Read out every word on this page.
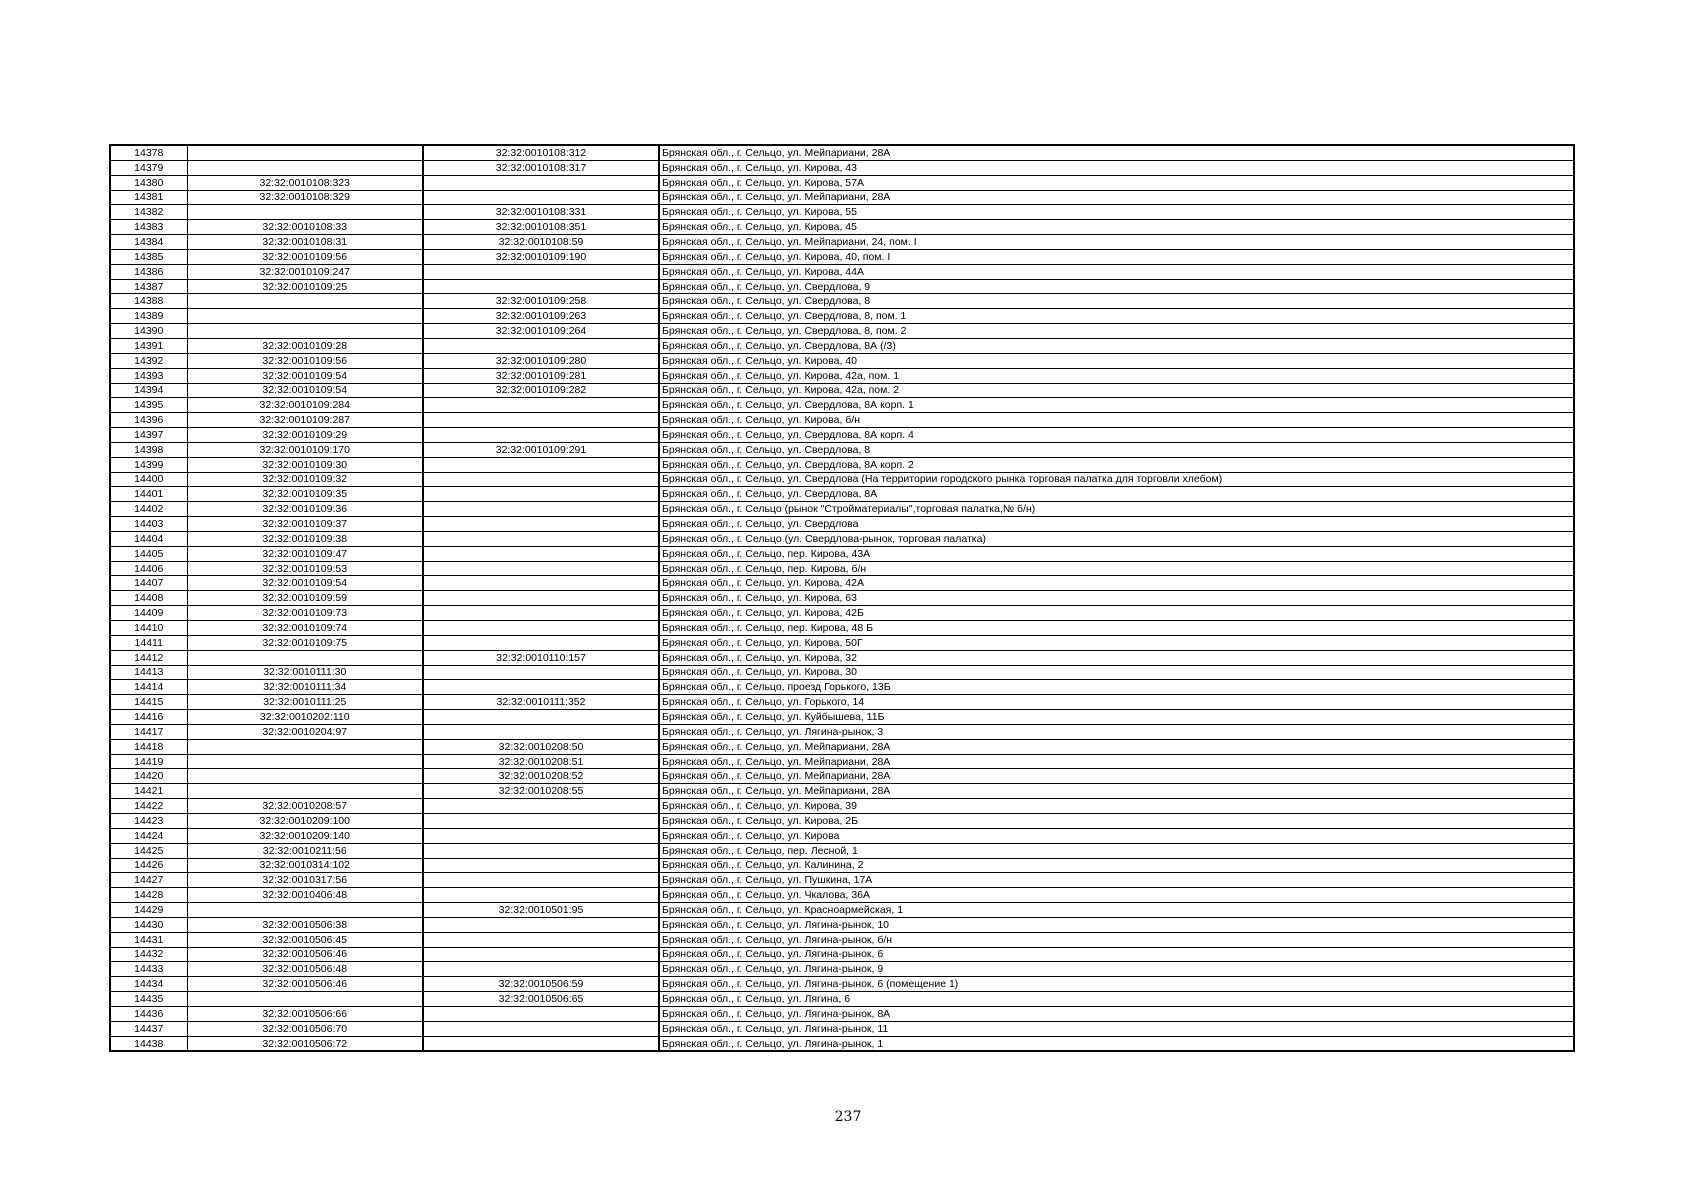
14378		32:32:0010108:312	Брянская обл., г. Сельцо, ул. Мейпариани, 28А
14379		32:32:0010108:317	Брянская обл., г. Сельцо, ул. Кирова, 43
14380	32:32:0010108:323		Брянская обл., г. Сельцо, ул. Кирова, 57А
14381	32:32:0010108:329		Брянская обл., г. Сельцо, ул. Мейпариани, 28А
14382		32:32:0010108:331	Брянская обл., г. Сельцо, ул. Кирова, 55
14383	32:32:0010108:33	32:32:0010108:351	Брянская обл., г. Сельцо, ул. Кирова, 45
14384	32:32:0010108:31	32:32:0010108:59	Брянская обл., г. Сельцо, ул. Мейпариани, 24, пом. I
14385	32:32:0010109:56	32:32:0010109:190	Брянская обл., г. Сельцо, ул. Кирова, 40, пом. I
14386	32:32:0010109:247		Брянская обл., г. Сельцо, ул. Кирова, 44А
14387	32:32:0010109:25		Брянская обл., г. Сельцо, ул. Свердлова, 9
14388		32:32:0010109:258	Брянская обл., г. Сельцо, ул. Свердлова, 8
14389		32:32:0010109:263	Брянская обл., г. Сельцо, ул. Свердлова, 8, пом. 1
14390		32:32:0010109:264	Брянская обл., г. Сельцо, ул. Свердлова, 8, пом. 2
14391	32:32:0010109:28		Брянская обл., г. Сельцо, ул. Свердлова, 8А (/3)
14392	32:32:0010109:56	32:32:0010109:280	Брянская обл., г. Сельцо, ул. Кирова, 40
14393	32:32:0010109:54	32:32:0010109:281	Брянская обл., г. Сельцо, ул. Кирова, 42а, пом. 1
14394	32:32:0010109:54	32:32:0010109:282	Брянская обл., г. Сельцо, ул. Кирова, 42а, пом. 2
14395	32:32:0010109:284		Брянская обл., г. Сельцо, ул. Свердлова, 8А корп. 1
14396	32:32:0010109:287		Брянская обл., г. Сельцо, ул. Кирова, б/н
14397	32:32:0010109:29		Брянская обл., г. Сельцо, ул. Свердлова, 8А корп. 4
14398	32:32:0010109:170	32:32:0010109:291	Брянская обл., г. Сельцо, ул. Свердлова, 8
14399	32:32:0010109:30		Брянская обл., г. Сельцо, ул. Свердлова, 8А корп. 2
14400	32:32:0010109:32		Брянская обл., г. Сельцо, ул. Свердлова (На территории городского рынка торговая палатка для торговли хлебом)
14401	32:32:0010109:35		Брянская обл., г. Сельцо, ул. Свердлова, 8А
14402	32:32:0010109:36		Брянская обл., г. Сельцо (рынок "Стройматериалы",торговая палатка,№ б/н)
14403	32:32:0010109:37		Брянская обл., г. Сельцо, ул. Свердлова
14404	32:32:0010109:38		Брянская обл., г. Сельцо (ул. Свердлова-рынок, торговая палатка)
14405	32:32:0010109:47		Брянская обл., г. Сельцо, пер. Кирова, 43А
14406	32:32:0010109:53		Брянская обл., г. Сельцо, пер. Кирова, б/н
14407	32:32:0010109:54		Брянская обл., г. Сельцо, ул. Кирова, 42А
14408	32:32:0010109:59		Брянская обл., г. Сельцо, ул. Кирова, 63
14409	32:32:0010109:73		Брянская обл., г. Сельцо, ул. Кирова, 42Б
14410	32:32:0010109:74		Брянская обл., г. Сельцо, пер. Кирова, 48 Б
14411	32:32:0010109:75		Брянская обл., г. Сельцо, ул. Кирова, 50Г
14412		32:32:0010110:157	Брянская обл., г. Сельцо, ул. Кирова, 32
14413	32:32:0010111:30		Брянская обл., г. Сельцо, ул. Кирова, 30
14414	32:32:0010111:34		Брянская обл., г. Сельцо, проезд Горького, 13Б
14415	32:32:0010111:25	32:32:0010111:352	Брянская обл., г. Сельцо, ул. Горького, 14
14416	32:32:0010202:110		Брянская обл., г. Сельцо, ул. Куйбышева, 11Б
14417	32:32:0010204:97		Брянская обл., г. Сельцо, ул. Лягина-рынок, 3
14418		32:32:0010208:50	Брянская обл., г. Сельцо, ул. Мейпариани, 28А
14419		32:32:0010208:51	Брянская обл., г. Сельцо, ул. Мейпариани, 28А
14420		32:32:0010208:52	Брянская обл., г. Сельцо, ул. Мейпариани, 28А
14421		32:32:0010208:55	Брянская обл., г. Сельцо, ул. Мейпариани, 28А
14422	32:32:0010208:57		Брянская обл., г. Сельцо, ул. Кирова, 39
14423	32:32:0010209:100		Брянская обл., г. Сельцо, ул. Кирова, 2Б
14424	32:32:0010209:140		Брянская обл., г. Сельцо, ул. Кирова
14425	32:32:0010211:56		Брянская обл., г. Сельцо, пер. Лесной, 1
14426	32:32:0010314:102		Брянская обл., г. Сельцо, ул. Калинина, 2
14427	32:32:0010317:56		Брянская обл., г. Сельцо, ул. Пушкина, 17А
14428	32:32:0010406:48		Брянская обл., г. Сельцо, ул. Чкалова, 36А
14429		32:32:0010501:95	Брянская обл., г. Сельцо, ул. Красноармейская, 1
14430	32:32:0010506:38		Брянская обл., г. Сельцо, ул. Лягина-рынок, 10
14431	32:32:0010506:45		Брянская обл., г. Сельцо, ул. Лягина-рынок, б/н
14432	32:32:0010506:46		Брянская обл., г. Сельцо, ул. Лягина-рынок, 6
14433	32:32:0010506:48		Брянская обл., г. Сельцо, ул. Лягина-рынок, 9
14434	32:32:0010506:46	32:32:0010506:59	Брянская обл., г. Сельцо, ул. Лягина-рынок, 6 (помещение 1)
14435		32:32:0010506:65	Брянская обл., г. Сельцо, ул. Лягина, 6
14436	32:32:0010506:66		Брянская обл., г. Сельцо, ул. Лягина-рынок, 8А
14437	32:32:0010506:70		Брянская обл., г. Сельцо, ул. Лягина-рынок, 11
14438	32:32:0010506:72		Брянская обл., г. Сельцо, ул. Лягина-рынок, 1
237
